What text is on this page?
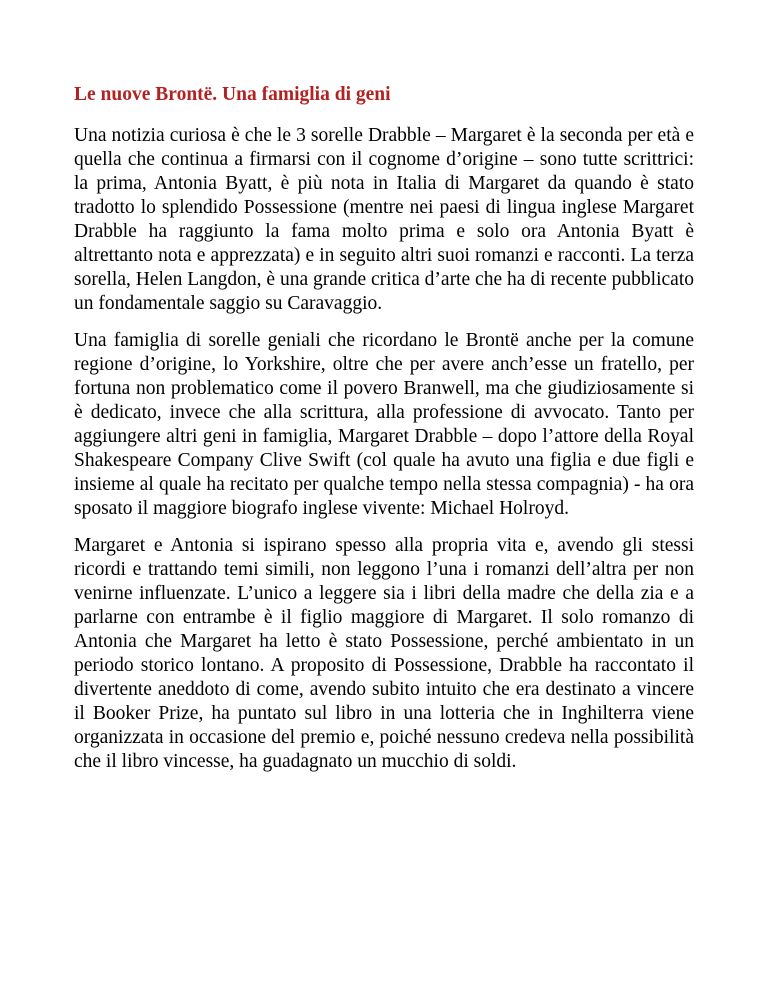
Le nuove Brontë. Una famiglia di geni

Una notizia curiosa è che le 3 sorelle Drabble – Margaret è la seconda per età e quella che continua a firmarsi con il cognome d’origine – sono tutte scrittrici: la prima, Antonia Byatt, è più nota in Italia di Margaret da quando è stato tradotto lo splendido Possessione (mentre nei paesi di lingua inglese Margaret Drabble ha raggiunto la fama molto prima e solo ora Antonia Byatt è altrettanto nota e apprezzata) e in seguito altri suoi romanzi e racconti. La terza sorella, Helen Langdon, è una grande critica d’arte che ha di recente pubblicato un fondamentale saggio su Caravaggio.

Una famiglia di sorelle geniali che ricordano le Brontë anche per la comune regione d’origine, lo Yorkshire, oltre che per avere anch’esse un fratello, per fortuna non problematico come il povero Branwell, ma che giudiziosamente si è dedicato, invece che alla scrittura, alla professione di avvocato. Tanto per aggiungere altri geni in famiglia, Margaret Drabble – dopo l’attore della Royal Shakespeare Company Clive Swift (col quale ha avuto una figlia e due figli e insieme al quale ha recitato per qualche tempo nella stessa compagnia) - ha ora sposato il maggiore biografo inglese vivente: Michael Holroyd.

Margaret e Antonia si ispirano spesso alla propria vita e, avendo gli stessi ricordi e trattando temi simili, non leggono l’una i romanzi dell’altra per non venirne influenzate. L’unico a leggere sia i libri della madre che della zia e a parlarne con entrambe è il figlio maggiore di Margaret. Il solo romanzo di Antonia che Margaret ha letto è stato Possessione, perché ambientato in un periodo storico lontano. A proposito di Possessione, Drabble ha raccontato il divertente aneddoto di come, avendo subito intuito che era destinato a vincere il Booker Prize, ha puntato sul libro in una lotteria che in Inghilterra viene organizzata in occasione del premio e, poiché nessuno credeva nella possibilità che il libro vincesse, ha guadagnato un mucchio di soldi.
